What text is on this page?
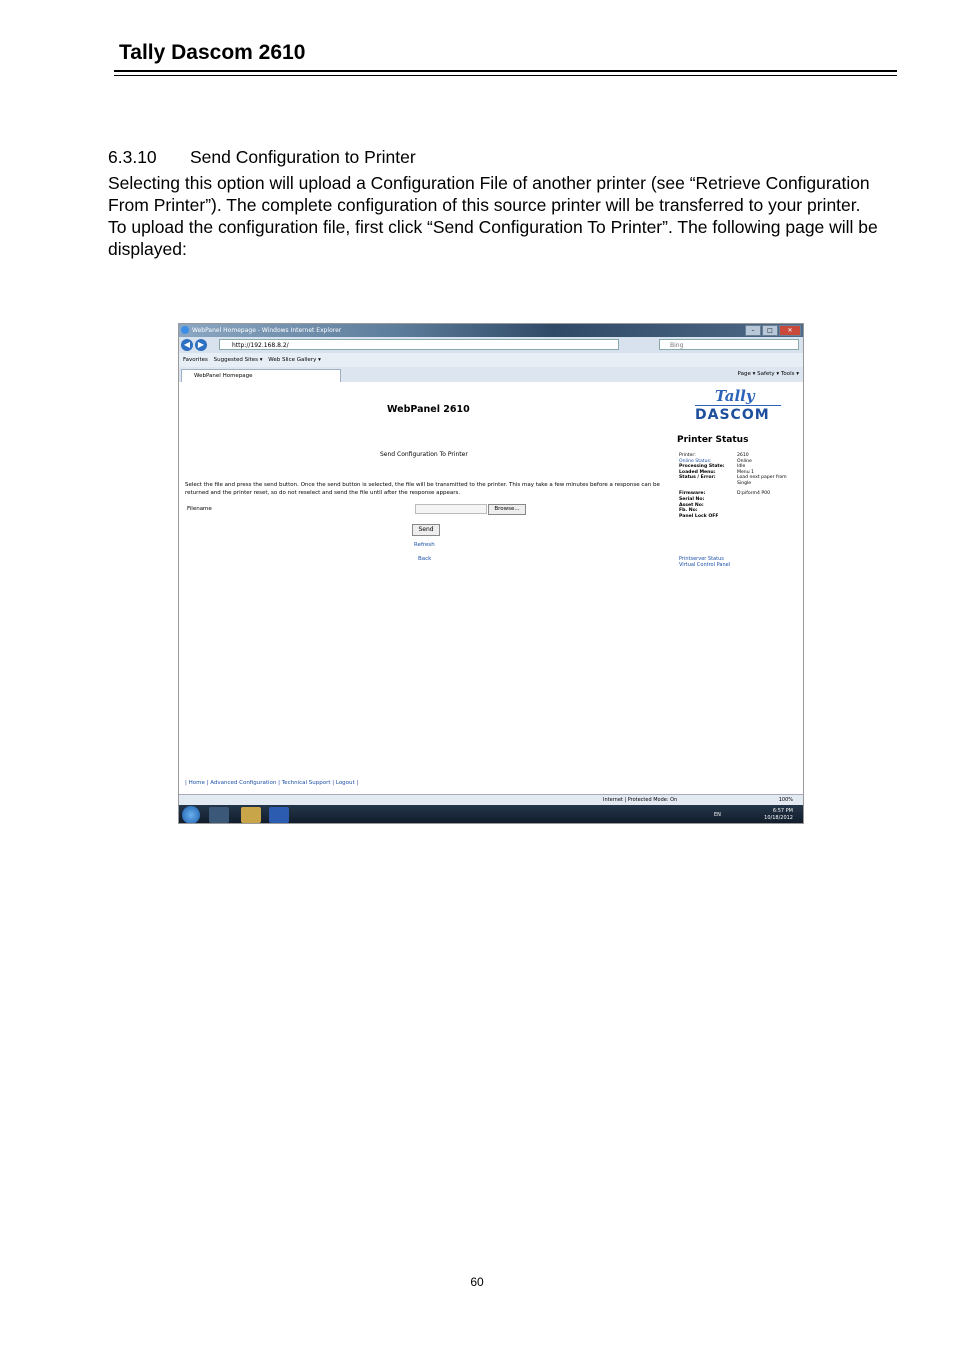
Tally Dascom 2610
6.3.10 Send Configuration to Printer

Selecting this option will upload a Configuration File of another printer (see “Retrieve Configuration From Printer”). The complete configuration of this source printer will be transferred to your printer.

To upload the configuration file, first click “Send Configuration To Printer”. The following page will be displayed:

WebPanel Homepage - Windows Internet Explorer	–	□	✕
◀ ▶	http://192.168.8.2/	Bing
Favorites Suggested Sites ▾ Web Slice Gallery ▾
WebPanel Homepage	Page ▾ Safety ▾ Tools ▾
WebPanel 2610
Tally
DASCOM
Printer Status
Send Configuration To Printer
Select the file and press the send button. Once the send button is selected, the file will be transmitted to the printer. This may take a few minutes before a response can be returned and the printer reset, so do not reselect and send the file until after the response appears.
Filename	Browse...
Send
Refresh
Back
Printer:	2610
Online Status:	Online
Processing State:	Idle
Loaded Menu:	Menu 1
Status / Error:	Load next paper from Single
Firmware:	D:piform4 P00
Serial No:
Asset No:
Fb. No:
Panel Lock OFF
Printserver Status
Virtual Control Panel
| Home | Advanced Configuration | Technical Support | Logout |
Internet | Protected Mode: On	100%
EN
6:57 PM
10/18/2012
60
